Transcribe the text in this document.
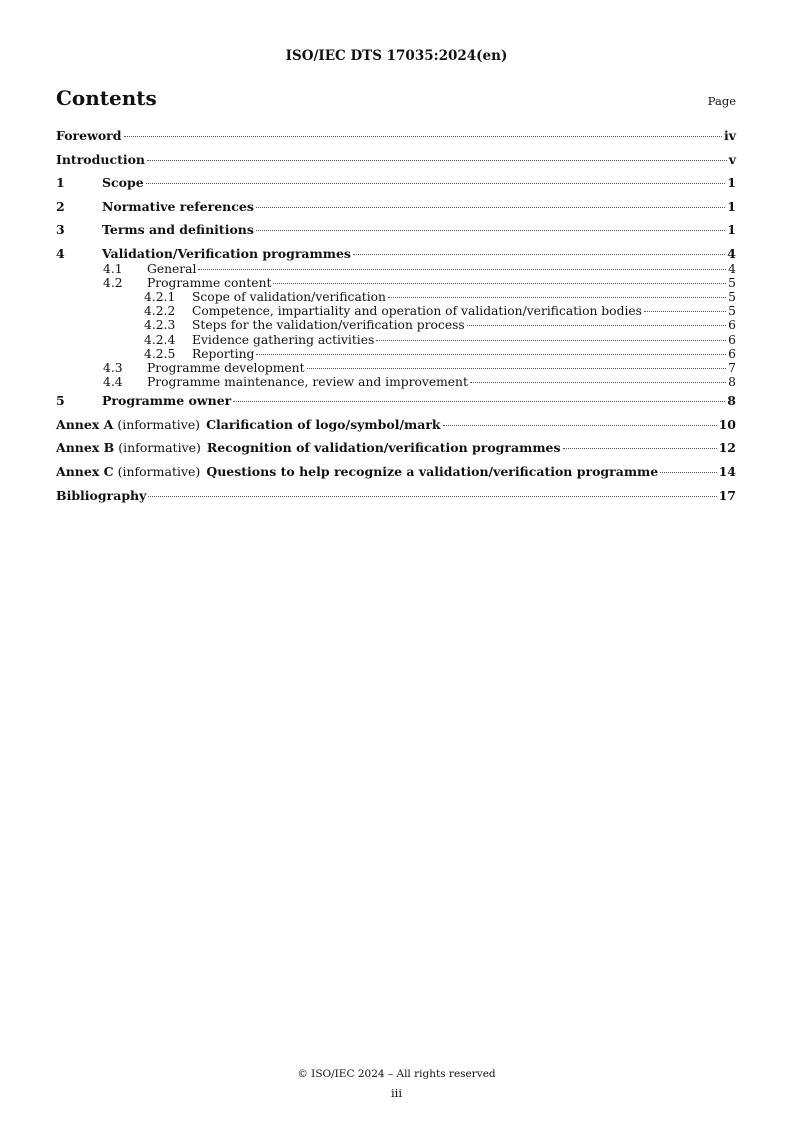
ISO/IEC DTS 17035:2024(en)
Contents	Page
Foreword	iv
Introduction	v
1	Scope	1
2	Normative references	1
3	Terms and definitions	1
4	Validation/Verification programmes	4
4.1	General	4
4.2	Programme content	5
4.2.1	Scope of validation/verification	5
4.2.2	Competence, impartiality and operation of validation/verification bodies	5
4.2.3	Steps for the validation/verification process	6
4.2.4	Evidence gathering activities	6
4.2.5	Reporting	6
4.3	Programme development	7
4.4	Programme maintenance, review and improvement	8
5	Programme owner	8
Annex A (informative) Clarification of logo/symbol/mark	10
Annex B (informative) Recognition of validation/verification programmes	12
Annex C (informative) Questions to help recognize a validation/verification programme	14
Bibliography	17
© ISO/IEC 2024 – All rights reserved
iii
